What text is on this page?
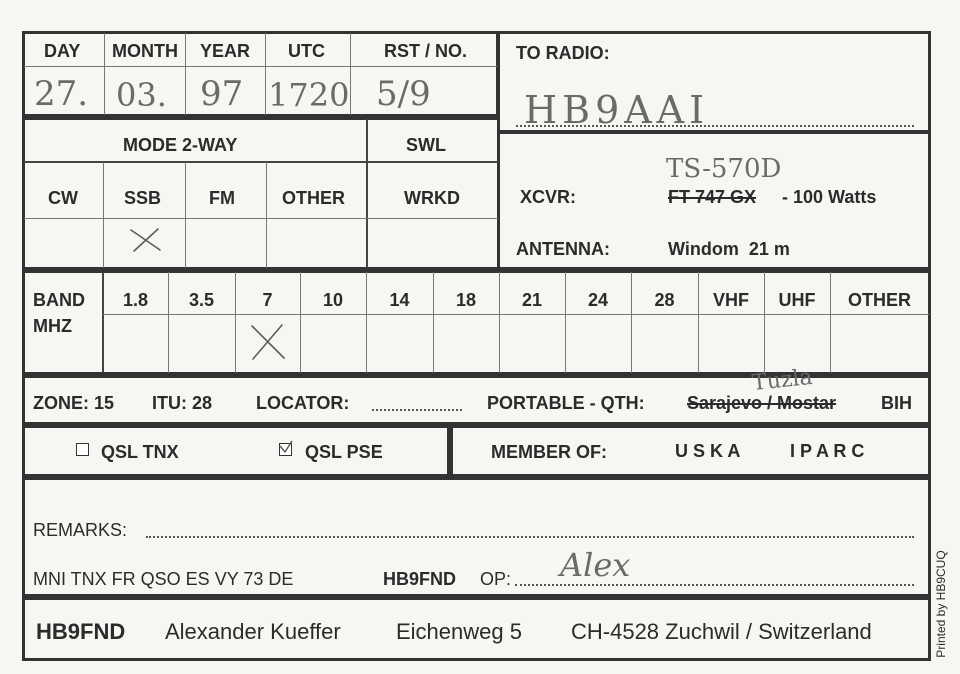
DAY MONTH YEAR UTC	RST / NO.
27. 03. 97 1720 5/9
TO RADIO:
HB9AAI
MODE 2-WAY	SWL
CW	SSB	FM	OTHER	WRKD	XCVR:	FT 747 GX - 100 Watts
TS-570D
ANTENNA:	Windom  21 m
BAND
MHZ
1.8	3.5	7	10	14	18	21	24	28	VHF	UHF	OTHER
ZONE: 15 ITU: 28 LOCATOR:	PORTABLE - QTH: Sarajevo / Mostar BIH
Tuzla
QSL TNX	QSL PSE	MEMBER OF:	U S K A	I P A R C
REMARKS:
MNI TNX FR QSO ES VY 73 DE	HB9FND OP: Alex
HB9FND Alexander Kueffer	Eichenweg 5 CH-4528 Zuchwil / Switzerland	Printed by HB9CUQ
